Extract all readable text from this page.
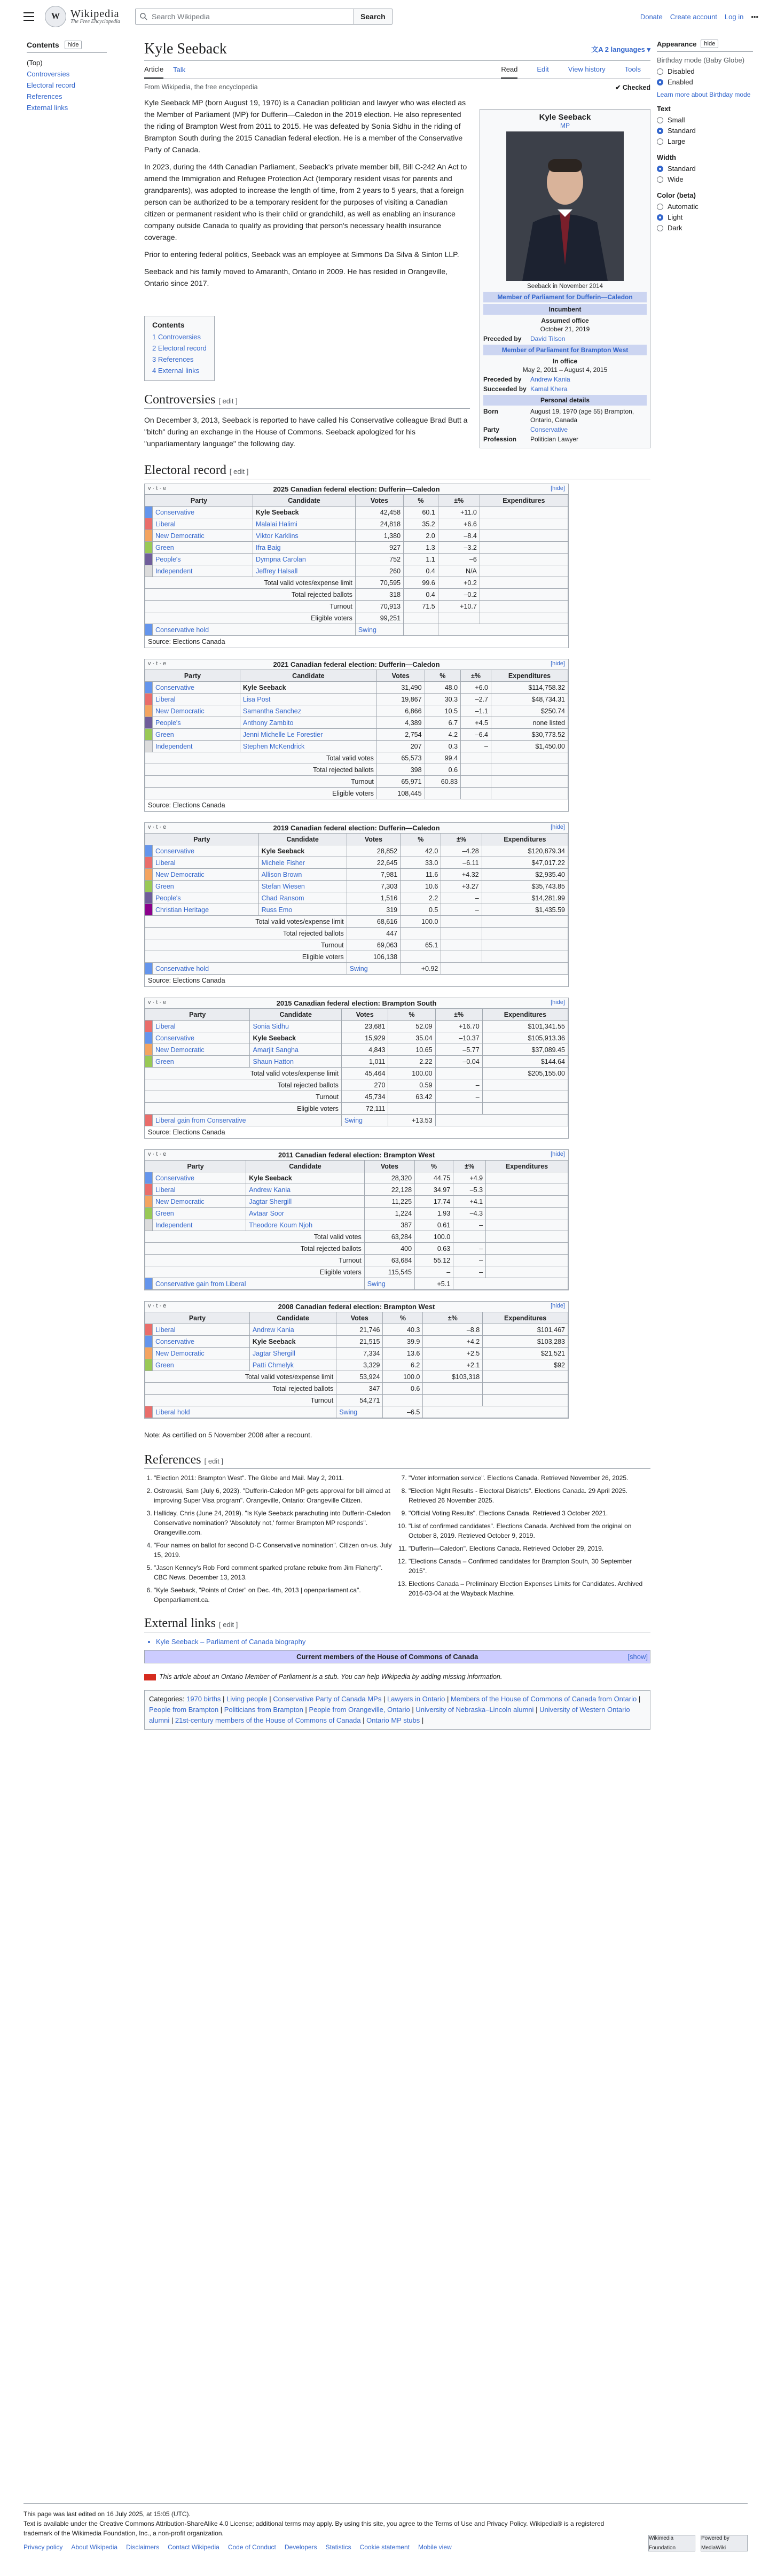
W	Wikipedia
The Free Encyclopedia
Search Wikipedia	Search	Donate Create account Log in •••
Contents	hide
(Top)
Controversies
Electoral record
References
External links
Kyle Seeback	文A 2 languages ▾
Article Talk	Read	Edit	View history	Tools
From Wikipedia, the free encyclopedia	✔ Checked
Kyle Seeback
MP
Seeback in November 2014
Member of Parliament for Dufferin—Caledon
Incumbent
Assumed office
October 21, 2019
Preceded by	David Tilson
Member of Parliament for Brampton West
In office
May 2, 2011 – August 4, 2015
Preceded by	Andrew Kania
Succeeded by Kamal Khera
Personal details
Born	August 19, 1970 (age 55) Brampton, Ontario, Canada
Party	Conservative
Profession	Politician Lawyer

Kyle Seeback MP (born August 19, 1970) is a Canadian politician and lawyer who was elected as the Member of Parliament (MP) for Dufferin—Caledon in the 2019 election. He also represented the riding of Brampton West from 2011 to 2015. He was defeated by Sonia Sidhu in the riding of Brampton South during the 2015 Canadian federal election. He is a member of the Conservative Party of Canada.

In 2023, during the 44th Canadian Parliament, Seeback's private member bill, Bill C-242 An Act to amend the Immigration and Refugee Protection Act (temporary resident visas for parents and grandparents), was adopted to increase the length of time, from 2 years to 5 years, that a foreign person can be authorized to be a temporary resident for the purposes of visiting a Canadian citizen or permanent resident who is their child or grandchild, as well as enabling an insurance company outside Canada to qualify as providing that person's necessary health insurance coverage.

Prior to entering federal politics, Seeback was an employee at Simmons Da Silva & Sinton LLP.

Seeback and his family moved to Amaranth, Ontario in 2009. He has resided in Orangeville, Ontario since 2017.

Contents
1 Controversies
2 Electoral record
3 References
4 External links
Controversies [ edit ]

On December 3, 2013, Seeback is reported to have called his Conservative colleague Brad Butt a "bitch" during an exchange in the House of Commons. Seeback apologized for his "unparliamentary language" the following day.

Electoral record [ edit ]
v · t · e	[hide]
2025 Canadian federal election: Dufferin—Caledon
Party		Candidate	Votes	%	±%	Expenditures
	Conservative	Kyle Seeback	42,458	60.1	+11.0	
	Liberal	Malalai Halimi	24,818	35.2	+6.6	
	New Democratic	Viktor Karklins	1,380	2.0	–8.4	
	Green	Ifra Baig	927	1.3	–3.2	
	People's	Dympna Carolan	752	1.1	–6	
	Independent	Jeffrey Halsall	260	0.4	N/A	
Total valid votes/expense limit			70,595	99.6	+0.2	
Total rejected ballots			318	0.4	–0.2	
Turnout			70,913	71.5	+10.7	
Eligible voters			99,251			
	Conservative hold		Swing			
Source: Elections Canada
v · t · e	[hide]
2021 Canadian federal election: Dufferin—Caledon
Party		Candidate	Votes	%	±%	Expenditures
	Conservative	Kyle Seeback	31,490	48.0	+6.0	$114,758.32
	Liberal	Lisa Post	19,867	30.3	–2.7	$48,734.31
	New Democratic	Samantha Sanchez	6,866	10.5	–1.1	$250.74
	People's	Anthony Zambito	4,389	6.7	+4.5	none listed
	Green	Jenni Michelle Le Forestier	2,754	4.2	–6.4	$30,773.52
	Independent	Stephen McKendrick	207	0.3	–	$1,450.00
Total valid votes			65,573	99.4		
Total rejected ballots			398	0.6		
Turnout			65,971	60.83		
Eligible voters			108,445			
Source: Elections Canada
v · t · e	[hide]
2019 Canadian federal election: Dufferin—Caledon
Party		Candidate	Votes	%	±%	Expenditures
	Conservative	Kyle Seeback	28,852	42.0	–4.28	$120,879.34
	Liberal	Michele Fisher	22,645	33.0	–6.11	$47,017.22
	New Democratic	Allison Brown	7,981	11.6	+4.32	$2,935.40
	Green	Stefan Wiesen	7,303	10.6	+3.27	$35,743.85
	People's	Chad Ransom	1,516	2.2	–	$14,281.99
	Christian Heritage	Russ Emo	319	0.5	–	$1,435.59
Total valid votes/expense limit			68,616	100.0		
Total rejected ballots			447			
Turnout			69,063	65.1		
Eligible voters			106,138			
	Conservative hold		Swing	+0.92		
Source: Elections Canada
v · t · e	[hide]
2015 Canadian federal election: Brampton South
Party		Candidate	Votes	%	±%	Expenditures
	Liberal	Sonia Sidhu	23,681	52.09	+16.70	$101,341.55
	Conservative	Kyle Seeback	15,929	35.04	–10.37	$105,913.36
	New Democratic	Amarjit Sangha	4,843	10.65	–5.77	$37,089.45
	Green	Shaun Hatton	1,011	2.22	–0.04	$144.64
Total valid votes/expense limit			45,464	100.00		$205,155.00
Total rejected ballots			270	0.59	–	
Turnout			45,734	63.42	–	
Eligible voters			72,111			
	Liberal gain from Conservative		Swing	+13.53		
Source: Elections Canada
v · t · e	[hide]
2011 Canadian federal election: Brampton West
Party		Candidate	Votes	%	±%	Expenditures
	Conservative	Kyle Seeback	28,320	44.75	+4.9	
	Liberal	Andrew Kania	22,128	34.97	–5.3	
	New Democratic	Jagtar Shergill	11,225	17.74	+4.1	
	Green	Avtaar Soor	1,224	1.93	–4.3	
	Independent	Theodore Koum Njoh	387	0.61	–	
Total valid votes			63,284	100.0		
Total rejected ballots			400	0.63	–	
Turnout			63,684	55.12	–	
Eligible voters			115,545	–	–	
	Conservative gain from Liberal		Swing	+5.1		
v · t · e	[hide]
2008 Canadian federal election: Brampton West
Party		Candidate	Votes	%	±%	Expenditures
	Liberal	Andrew Kania	21,746	40.3	–8.8	$101,467
	Conservative	Kyle Seeback	21,515	39.9	+4.2	$103,283
	New Democratic	Jagtar Shergill	7,334	13.6	+2.5	$21,521
	Green	Patti Chmelyk	3,329	6.2	+2.1	$92
Total valid votes/expense limit			53,924	100.0	$103,318	
Total rejected ballots			347	0.6		
Turnout			54,271			
	Liberal hold		Swing	–6.5		

Note: As certified on 5 November 2008 after a recount.

References [ edit ]
1. "Election 2011: Brampton West". The Globe and Mail. May 2, 2011.
2. Ostrowski, Sam (July 6, 2023). "Dufferin-Caledon MP gets approval for bill aimed at improving Super Visa program". Orangeville, Ontario: Orangeville Citizen.
3. Halliday, Chris (June 24, 2019). "Is Kyle Seeback parachuting into Dufferin-Caledon Conservative nomination? 'Absolutely not,' former Brampton MP responds". Orangeville.com.
4. "Four names on ballot for second D-C Conservative nomination". Citizen on-us. July 15, 2019.
5. "Jason Kenney's Rob Ford comment sparked profane rebuke from Jim Flaherty". CBC News. December 13, 2013.
6. "Kyle Seeback, "Points of Order" on Dec. 4th, 2013 | openparliament.ca". Openparliament.ca.
7. "Voter information service". Elections Canada. Retrieved November 26, 2025.
8. "Election Night Results - Electoral Districts". Elections Canada. 29 April 2025. Retrieved 26 November 2025.
9. "Official Voting Results". Elections Canada. Retrieved 3 October 2021.
10. "List of confirmed candidates". Elections Canada. Archived from the original on October 8, 2019. Retrieved October 9, 2019.
11. "Dufferin—Caledon". Elections Canada. Retrieved October 29, 2019.
12. "Elections Canada – Confirmed candidates for Brampton South, 30 September 2015".
13. Elections Canada – Preliminary Election Expenses Limits for Candidates. Archived 2016-03-04 at the Wayback Machine.
External links [ edit ]
• Kyle Seeback – Parliament of Canada biography
Current members of the House of Commons of Canada	[show]

This article about an Ontario Member of Parliament is a stub. You can help Wikipedia by adding missing information.

Categories: 1970 births | Living people | Conservative Party of Canada MPs | Lawyers in Ontario | Members of the House of Commons of Canada from Ontario | People from Brampton | Politicians from Brampton | People from Orangeville, Ontario | University of Nebraska–Lincoln alumni | University of Western Ontario alumni | 21st-century members of the House of Commons of Canada | Ontario MP stubs |
Appearance	hide
Birthday mode (Baby Globe)
Disabled
Enabled
Learn more about Birthday mode
Text
Small
Standard
Large
Width
Standard
Wide
Color (beta)
Automatic
Light
Dark
This page was last edited on 16 July 2025, at 15:05 (UTC).
Text is available under the Creative Commons Attribution-ShareAlike 4.0 License; additional terms may apply. By using this site, you agree to the Terms of Use and Privacy Policy. Wikipedia® is a registered trademark of the Wikimedia Foundation, Inc., a non-profit organization.
Privacy policy About Wikipedia Disclaimers Contact Wikipedia Code of Conduct Developers Statistics Cookie statement Mobile view
Wikimedia Foundation
Powered by MediaWiki
